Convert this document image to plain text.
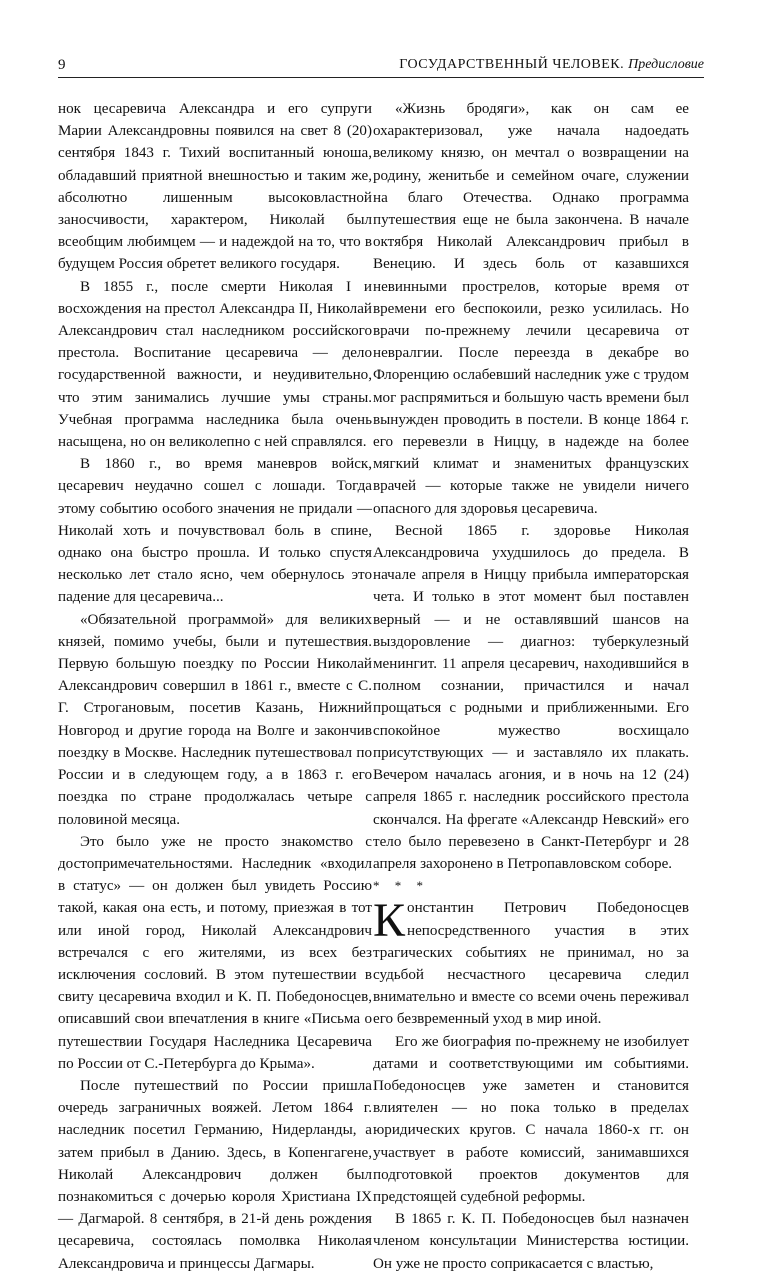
9	ГОСУДАРСТВЕННЫЙ ЧЕЛОВЕК. Предисловие

нок цесаревича Александра и его супруги Марии Александровны появился на свет 8 (20) сентября 1843 г. Тихий воспитанный юноша, обладавший приятной внешностью и таким же, абсолютно лишенным высоковластной заносчивости, характером, Николай был всеобщим любимцем — и надеждой на то, что в будущем Россия обретет великого государя.

В 1855 г., после смерти Николая I и восхождения на престол Александра II, Николай Александрович стал наследником российского престола. Воспитание цесаревича — дело государственной важности, и неудивительно, что этим занимались лучшие умы страны. Учебная программа наследника была очень насыщена, но он великолепно с ней справлялся.

В 1860 г., во время маневров войск, цесаревич неудачно сошел с лошади. Тогда этому событию особого значения не придали — Николай хоть и почувствовал боль в спине, однако она быстро прошла. И только спустя несколько лет стало ясно, чем обернулось это падение для цесаревича...

«Обязательной программой» для великих князей, помимо учебы, были и путешествия. Первую большую поездку по России Николай Александрович совершил в 1861 г., вместе с С. Г. Строгановым, посетив Казань, Нижний Новгород и другие города на Волге и закончив поездку в Москве. Наследник путешествовал по России и в следующем году, а в 1863 г. его поездка по стране продолжалась четыре с половиной месяца.

Это было уже не просто знакомство с достопримечательностями. Наследник «входил в статус» — он должен был увидеть Россию такой, какая она есть, и потому, приезжая в тот или иной город, Николай Александрович встречался с его жителями, из всех без исключения сословий. В этом путешествии в свиту цесаревича входил и К. П. Победоносцев, описавший свои впечатления в книге «Письма о путешествии Государя Наследника Цесаревича по России от С.-Петербурга до Крыма».

После путешествий по России пришла очередь заграничных вояжей. Летом 1864 г. наследник посетил Германию, Нидерланды, а затем прибыл в Данию. Здесь, в Копенгагене, Николай Александрович должен был познакомиться с дочерью короля Христиана IX — Дагмарой. 8 сентября, в 21-й день рождения цесаревича, состоялась помолвка Николая Александровича и принцессы Дагмары.

«Жизнь бродяги», как он сам ее охарактеризовал, уже начала надоедать великому князю, он мечтал о возвращении на родину, женитьбе и семейном очаге, служении на благо Отечества. Однако программа путешествия еще не была закончена. В начале октября Николай Александрович прибыл в Венецию. И здесь боль от казавшихся невинными прострелов, которые время от времени его беспокоили, резко усилилась. Но врачи по-прежнему лечили цесаревича от невралгии. После переезда в декабре во Флоренцию ослабевший наследник уже с трудом мог распрямиться и большую часть времени был вынужден проводить в постели. В конце 1864 г. его перевезли в Ниццу, в надежде на более мягкий климат и знаменитых французских врачей — которые также не увидели ничего опасного для здоровья цесаревича.

Весной 1865 г. здоровье Николая Александровича ухудшилось до предела. В начале апреля в Ниццу прибыла императорская чета. И только в этот момент был поставлен верный — и не оставлявший шансов на выздоровление — диагноз: туберкулезный менингит. 11 апреля цесаревич, находившийся в полном сознании, причастился и начал прощаться с родными и приближенными. Его спокойное мужество восхищало присутствующих — и заставляло их плакать. Вечером началась агония, и в ночь на 12 (24) апреля 1865 г. наследник российского престола скончался. На фрегате «Александр Невский» его тело было перевезено в Санкт-Петербург и 28 апреля захоронено в Петропавловском соборе.

* * *

Константин Петрович Победоносцев непосредственного участия в этих трагических событиях не принимал, но за судьбой несчастного цесаревича следил внимательно и вместе со всеми очень переживал его безвременный уход в мир иной.

Его же биография по-прежнему не изобилует датами и соответствующими им событиями. Победоносцев уже заметен и становится влиятелен — но пока только в пределах юридических кругов. С начала 1860-х гг. он участвует в работе комиссий, занимавшихся подготовкой проектов документов для предстоящей судебной реформы.

В 1865 г. К. П. Победоносцев был назначен членом консультации Министерства юстиции. Он уже не просто соприкасается с властью,
